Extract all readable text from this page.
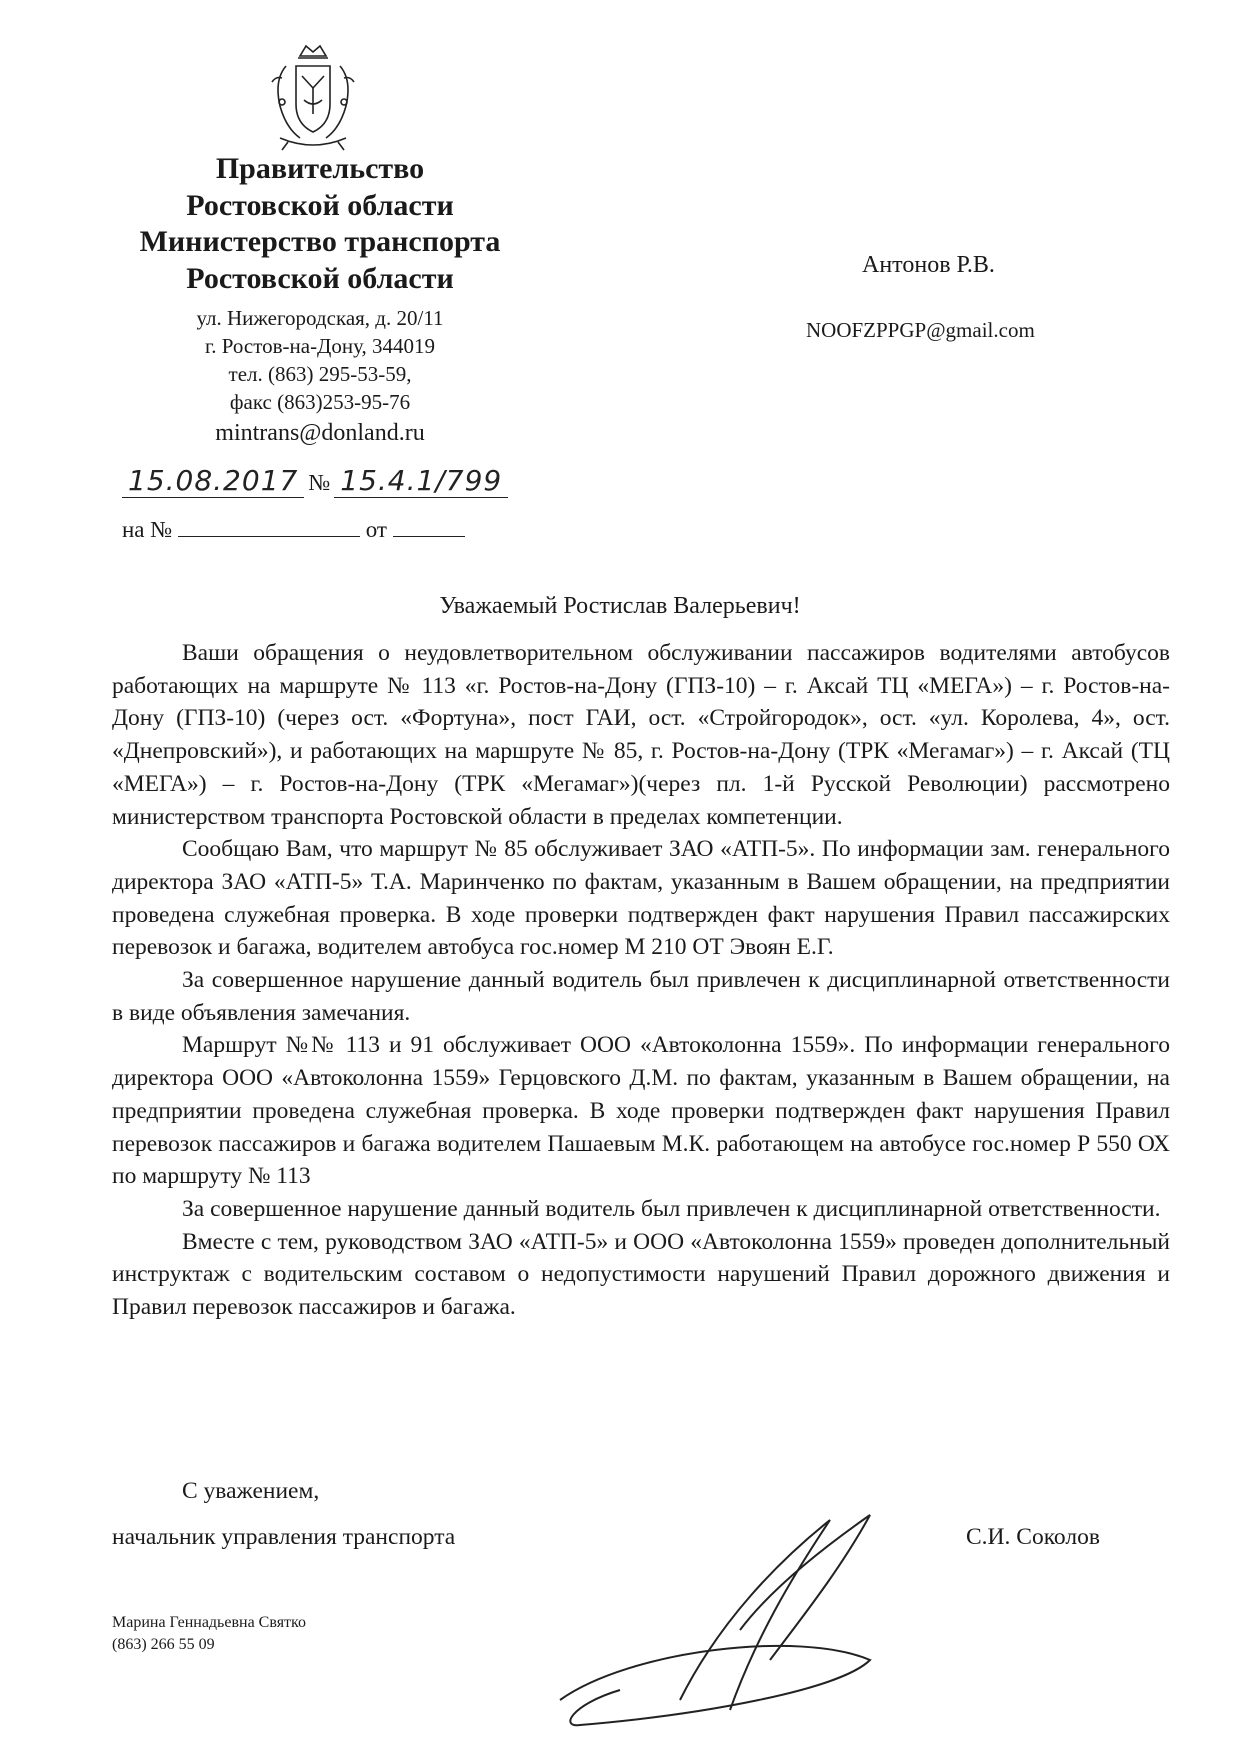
Правительство
Ростовской области
Министерство транспорта
Ростовской области
ул. Нижегородская, д. 20/11
г. Ростов-на-Дону, 344019
тел. (863) 295-53-59,
факс (863)253-95-76
mintrans@donland.ru
15.08.2017 № 15.4.1/799
на №	от
Антонов Р.В.
NOOFZPPGP@gmail.com
Уважаемый Ростислав Валерьевич!

Ваши обращения о неудовлетворительном обслуживании пассажиров водителями автобусов работающих на маршруте № 113 «г. Ростов-на-Дону (ГПЗ-10) – г. Аксай ТЦ «МЕГА») – г. Ростов-на-Дону (ГПЗ-10) (через ост. «Фортуна», пост ГАИ, ост. «Стройгородок», ост. «ул. Королева, 4», ост. «Днепровский»), и работающих на маршруте № 85, г. Ростов-на-Дону (ТРК «Мегамаг») – г. Аксай (ТЦ «МЕГА») – г. Ростов-на-Дону (ТРК «Мегамаг»)(через пл. 1-й Русской Революции) рассмотрено министерством транспорта Ростовской области в пределах компетенции.

Сообщаю Вам, что маршрут № 85 обслуживает ЗАО «АТП-5». По информации зам. генерального директора ЗАО «АТП-5» Т.А. Маринченко по фактам, указанным в Вашем обращении, на предприятии проведена служебная проверка. В ходе проверки подтвержден факт нарушения Правил пассажирских перевозок и багажа, водителем автобуса гос.номер М 210 ОТ Эвоян Е.Г.

За совершенное нарушение данный водитель был привлечен к дисциплинарной ответственности в виде объявления замечания.

Маршрут №№ 113 и 91 обслуживает ООО «Автоколонна 1559». По информации генерального директора ООО «Автоколонна 1559» Герцовского Д.М. по фактам, указанным в Вашем обращении, на предприятии проведена служебная проверка. В ходе проверки подтвержден факт нарушения Правил перевозок пассажиров и багажа водителем Пашаевым М.К. работающем на автобусе гос.номер Р 550 ОХ по маршруту № 113

За совершенное нарушение данный водитель был привлечен к дисциплинарной ответственности.

Вместе с тем, руководством ЗАО «АТП-5» и ООО «Автоколонна 1559» проведен дополнительный инструктаж с водительским составом о недопустимости нарушений Правил дорожного движения и Правил перевозок пассажиров и багажа.

С уважением,
начальник управления транспорта	С.И. Соколов
Марина Геннадьевна Святко
(863) 266 55 09
